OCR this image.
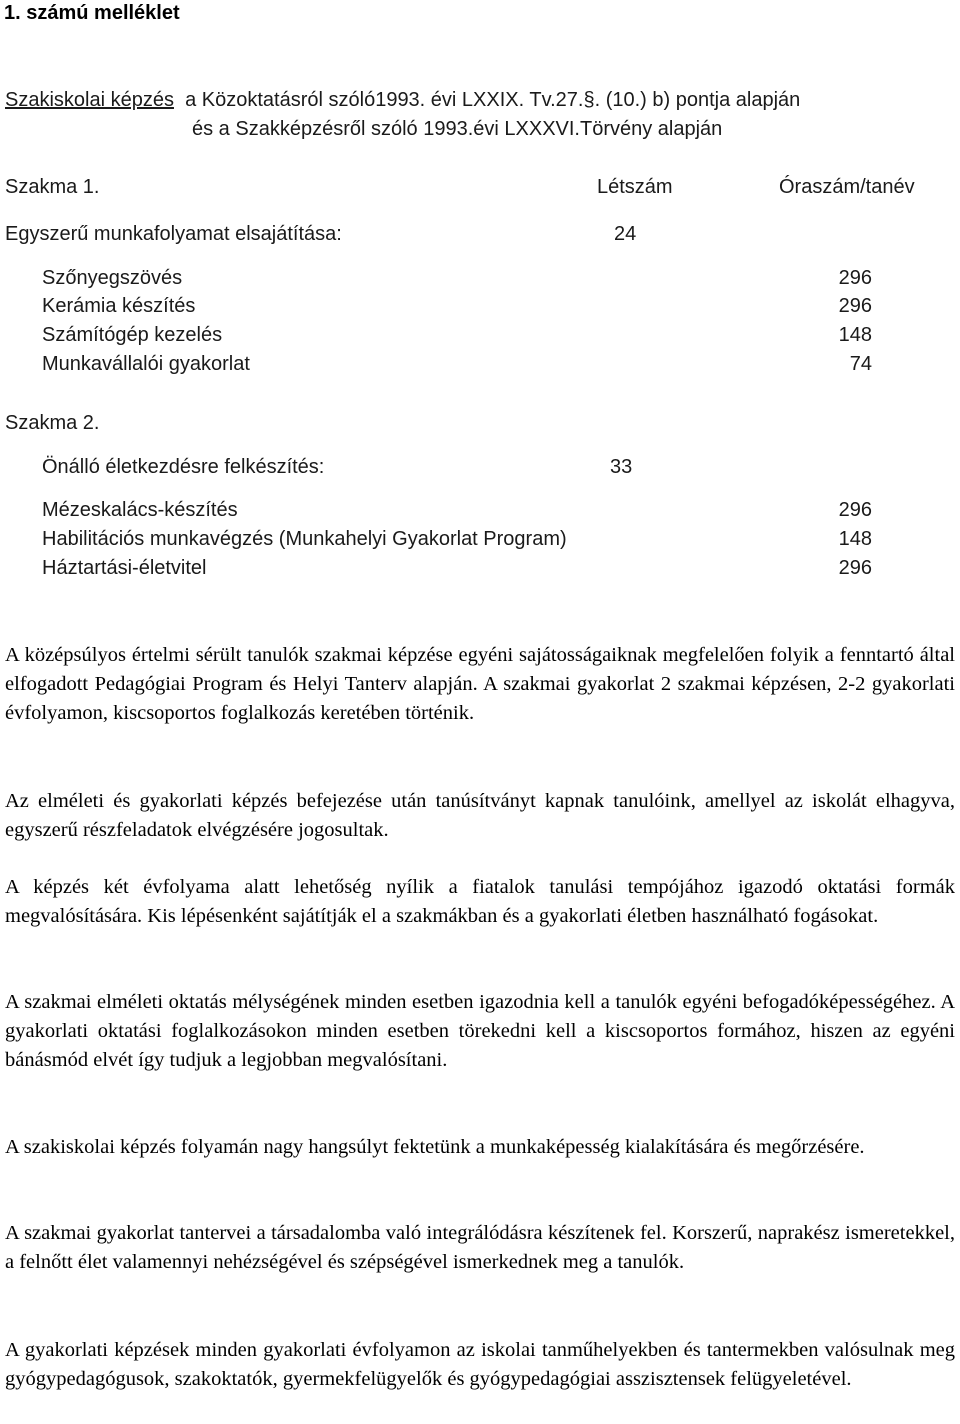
1. számú melléklet
Szakiskolai képzés a Közoktatásról szóló1993. évi LXXIX. Tv.27.§. (10.) b) pontja alapján
és a Szakképzésről szóló 1993.évi LXXXVI.Törvény alapján
Szakma 1.	Létszám	Óraszám/tanév
Egyszerű munkafolyamat elsajátítása:	24
Szőnyegszövés	296
Kerámia készítés	296
Számítógép kezelés	148
Munkavállalói gyakorlat	74
Szakma 2.
Önálló életkezdésre felkészítés:	33
Mézeskalács-készítés	296
Habilitációs munkavégzés (Munkahelyi Gyakorlat Program)	148
Háztartási-életvitel	296

A középsúlyos értelmi sérült tanulók szakmai képzése egyéni sajátosságaiknak megfelelően folyik a fenntartó által elfogadott Pedagógiai Program és Helyi Tanterv alapján. A szakmai gyakorlat 2 szakmai képzésen, 2-2 gyakorlati évfolyamon, kiscsoportos foglalkozás keretében történik.

Az elméleti és gyakorlati képzés befejezése után tanúsítványt kapnak tanulóink, amellyel az iskolát elhagyva, egyszerű részfeladatok elvégzésére jogosultak.

A képzés két évfolyama alatt lehetőség nyílik a fiatalok tanulási tempójához igazodó oktatási formák megvalósítására. Kis lépésenként sajátítják el a szakmákban és a gyakorlati életben használható fogásokat.

A szakmai elméleti oktatás mélységének minden esetben igazodnia kell a tanulók egyéni befogadóképességéhez. A gyakorlati oktatási foglalkozásokon minden esetben törekedni kell a kiscsoportos formához, hiszen az egyéni bánásmód elvét így tudjuk a legjobban megvalósítani.

A szakiskolai képzés folyamán nagy hangsúlyt fektetünk a munkaképesség kialakítására és megőrzésére.

A szakmai gyakorlat tantervei a társadalomba való integrálódásra készítenek fel. Korszerű, naprakész ismeretekkel, a felnőtt élet valamennyi nehézségével és szépségével ismerkednek meg a tanulók.

A gyakorlati képzések minden gyakorlati évfolyamon az iskolai tanműhelyekben és tantermekben valósulnak meg gyógypedagógusok, szakoktatók, gyermekfelügyelők és gyógypedagógiai asszisztensek felügyeletével.
